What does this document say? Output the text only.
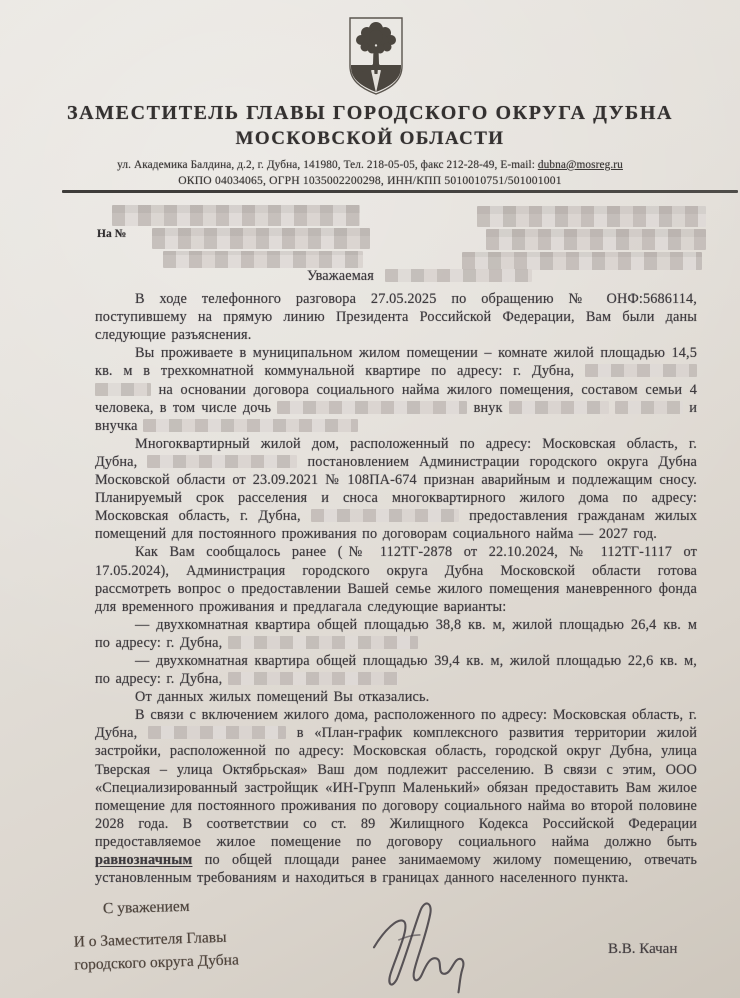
ЗАМЕСТИТЕЛЬ ГЛАВЫ ГОРОДСКОГО ОКРУГА ДУБНА
МОСКОВСКОЙ ОБЛАСТИ
ул. Академика Балдина, д.2, г. Дубна, 141980, Тел. 218-05-05, факс 212-28-49, E-mail: dubna@mosreg.ru
ОКПО 04034065, ОГРН 1035002200298, ИНН/КПП 5010010751/501001001
На №
Уважаемая

В ходе телефонного разговора 27.05.2025 по обращению № ОНФ:5686114, поступившему на прямую линию Президента Российской Федерации, Вам были даны следующие разъяснения.

Вы проживаете в муниципальном жилом помещении – комнате жилой площадью 14,5 кв. м в трехкомнатной коммунальной квартире по адресу: г. Дубна,   на основании договора социального найма жилого помещения, составом семьи 4 человека, в том числе дочь	внук	и внучка

Многоквартирный жилой дом, расположенный по адресу: Московская область, г. Дубна,	постановлением Администрации городского округа Дубна Московской области от 23.09.2021 № 108ПА-674 признан аварийным и подлежащим сносу. Планируемый срок расселения и сноса многоквартирного жилого дома по адресу: Московская область, г. Дубна,	предоставления гражданам жилых помещений для постоянного проживания по договорам социального найма — 2027 год.

Как Вам сообщалось ранее (№ 112ТГ-2878 от 22.10.2024, № 112ТГ-1117 от 17.05.2024), Администрация городского округа Дубна Московской области готова рассмотреть вопрос о предоставлении Вашей семье жилого помещения маневренного фонда для временного проживания и предлагала следующие варианты:

— двухкомнатная квартира общей площадью 38,8 кв. м, жилой площадью 26,4 кв. м по адресу: г. Дубна,

— двухкомнатная квартира общей площадью 39,4 кв. м, жилой площадью 22,6 кв. м, по адресу: г. Дубна,

От данных жилых помещений Вы отказались.

В связи с включением жилого дома, расположенного по адресу: Московская область, г. Дубна,	в «План-график комплексного развития территории жилой застройки, расположенной по адресу: Московская область, городской округ Дубна, улица Тверская – улица Октябрьская» Ваш дом подлежит расселению. В связи с этим, ООО «Специализированный застройщик «ИН-Групп Маленький» обязан предоставить Вам жилое помещение для постоянного проживания по договору социального найма во второй половине 2028 года. В соответствии со ст. 89 Жилищного Кодекса Российской Федерации предоставляемое жилое помещение по договору социального найма должно быть равнозначным по общей площади ранее занимаемому жилому помещению, отвечать установленным требованиям и находиться в границах данного населенного пункта.

С уважением
И о Заместителя Главы
городского округа Дубна
В.В. Качан
